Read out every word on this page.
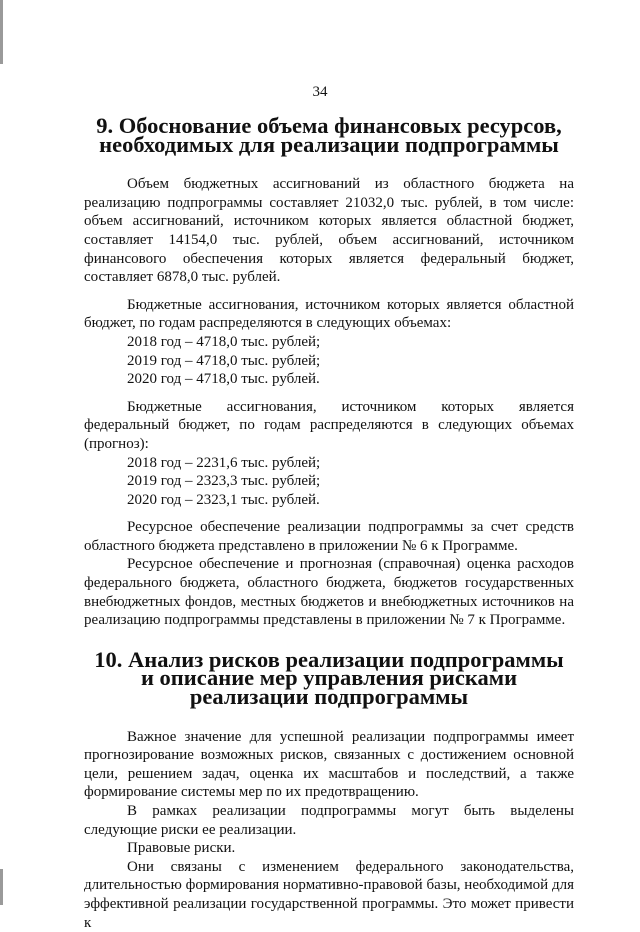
34
9. Обоснование объема финансовых ресурсов,
необходимых для реализации подпрограммы

Объем бюджетных ассигнований из областного бюджета на реализацию подпрограммы составляет 21032,0 тыс. рублей, в том числе: объем ассигнований, источником которых является областной бюджет, составляет 14154,0 тыс. рублей, объем ассигнований, источником финансового обеспечения которых является федеральный бюджет, составляет 6878,0 тыс. рублей.

Бюджетные ассигнования, источником которых является областной бюджет, по годам распределяются в следующих объемах:

2018 год – 4718,0 тыс. рублей;
2019 год – 4718,0 тыс. рублей;
2020 год – 4718,0 тыс. рублей.

Бюджетные ассигнования, источником которых является федеральный бюджет, по годам распределяются в следующих объемах (прогноз):

2018 год – 2231,6 тыс. рублей;
2019 год – 2323,3 тыс. рублей;
2020 год – 2323,1 тыс. рублей.

Ресурсное обеспечение реализации подпрограммы за счет средств областного бюджета представлено в приложении № 6 к Программе.

Ресурсное обеспечение и прогнозная (справочная) оценка расходов федерального бюджета, областного бюджета, бюджетов государственных внебюджетных фондов, местных бюджетов и внебюджетных источников на реализацию подпрограммы представлены в приложении № 7 к Программе.

10. Анализ рисков реализации подпрограммы
и описание мер управления рисками реализации подпрограммы

Важное значение для успешной реализации подпрограммы имеет прогнозирование возможных рисков, связанных с достижением основной цели, решением задач, оценка их масштабов и последствий, а также формирование системы мер по их предотвращению.

В рамках реализации подпрограммы могут быть выделены следующие риски ее реализации.

Правовые риски.

Они связаны с изменением федерального законодательства, длительностью формирования нормативно-правовой базы, необходимой для эффективной реализации государственной программы. Это может привести к
